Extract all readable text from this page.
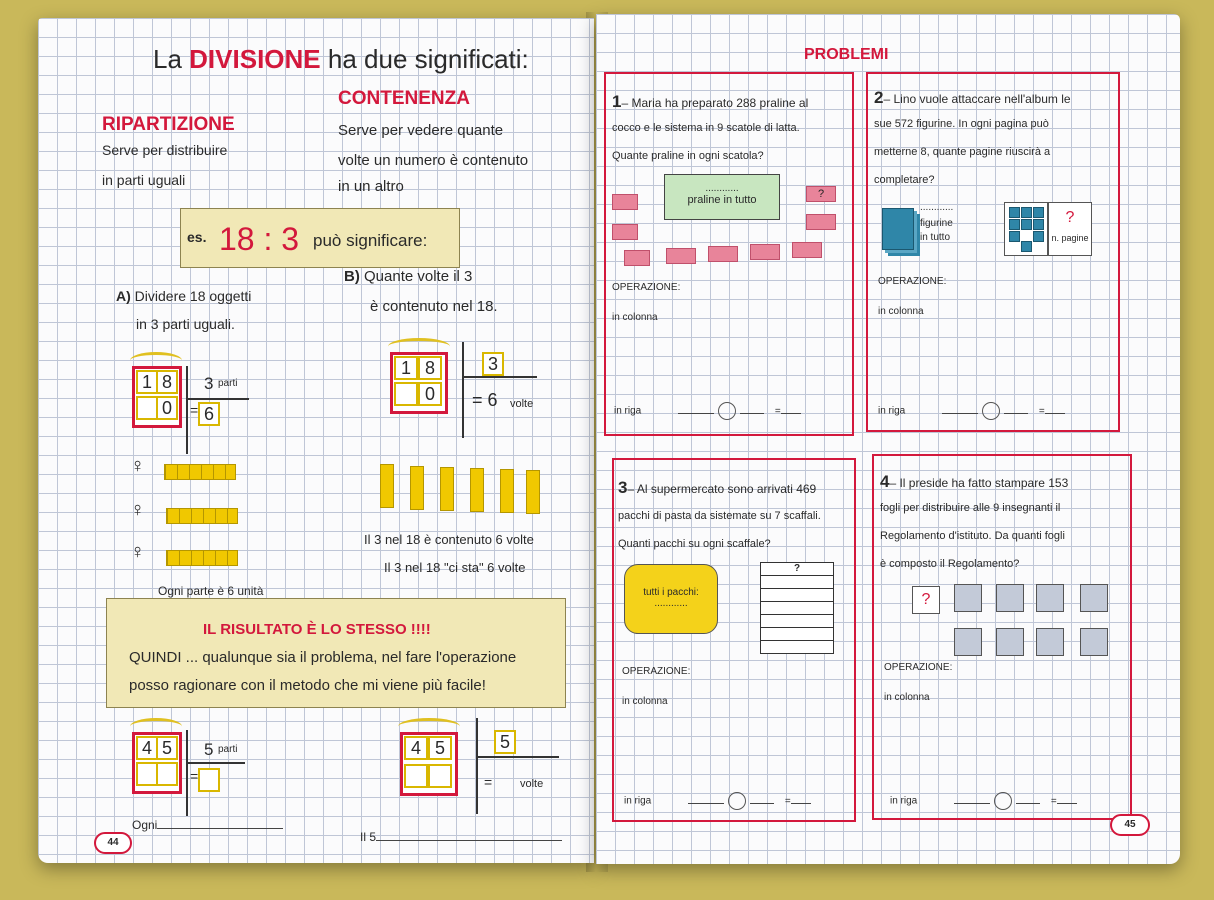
La DIVISIONE ha due significati:
CONTENENZA
RIPARTIZIONE
Serve per distribuire
in parti uguali
Serve per vedere quante
volte un numero è contenuto
in un altro
es. 18 : 3 può significare:
A) Dividere 18 oggetti
in 3 parti uguali.
B) Quante volte il 3
è contenuto nel 18.
1 8
0
3 parti
= 6
1 8
0
3
= 6 volte
♀
♀
♀
Ogni parte è 6 unità
Il 3 nel 18 è contenuto 6 volte
Il 3 nel 18 "ci sta" 6 volte
IL RISULTATO È LO STESSO !!!!
QUINDI ... qualunque sia il problema, nel fare l'operazione
posso ragionare con il metodo che mi viene più facile!
4 5	5 parti
=
4 5	5
=	volte
Ogni
Il 5
44
PROBLEMI
1– Maria ha preparato 288 praline al
cocco e le sistema in 9 scatole di latta.
Quante praline in ogni scatola?
............
praline in tutto	?
OPERAZIONE:
in colonna
in riga	=
2– Lino vuole attaccare nell'album le
sue 572 figurine. In ogni pagina può
metterne 8, quante pagine riuscirà a
completare?
............
figurine
in tutto
?
n. pagine
OPERAZIONE:
in colonna
in riga	=
3– Al supermercato sono arrivati 469
pacchi di pasta da sistemate su 7 scaffali.
Quanti pacchi su ogni scaffale?
tutti i pacchi:
............
?
OPERAZIONE:
in colonna
in riga	=
4– Il preside ha fatto stampare 153
fogli per distribuire alle 9 insegnanti il
Regolamento d'istituto. Da quanti fogli
è composto il Regolamento?
?
OPERAZIONE:
in colonna
in riga	=
45
